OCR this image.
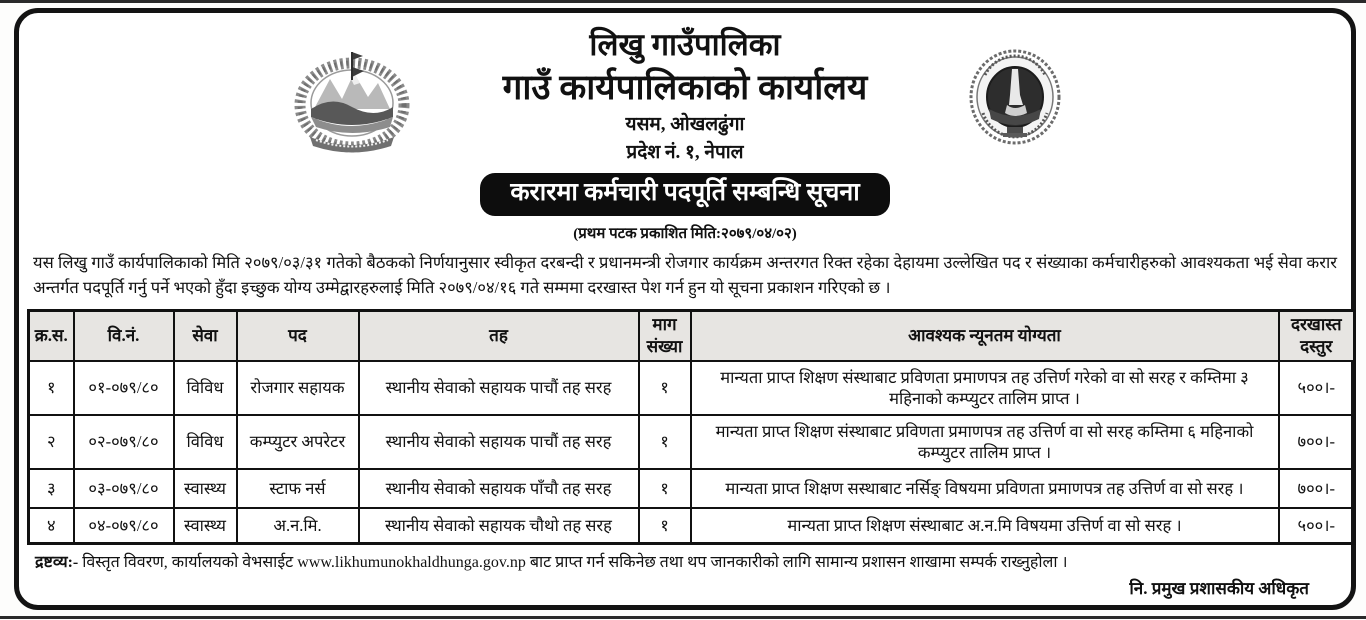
लिखु गाउँपालिका
गाउँ कार्यपालिकाको कार्यालय
यसम, ओखलढुंगा
प्रदेश नं. १, नेपाल
करारमा कर्मचारी पदपूर्ति सम्बन्धि सूचना
(प्रथम पटक प्रकाशित मिति:२०७९/०४/०२)
यस लिखु गाउँ कार्यपालिकाको मिति २०७९/०३/३१ गतेको बैठकको निर्णयानुसार स्वीकृत दरबन्दी र प्रधानमन्त्री रोजगार कार्यक्रम अन्तरगत रिक्त रहेका देहायमा उल्लेखित पद र संख्याका कर्मचारीहरुको आवश्यकता भई सेवा करार अन्तर्गत पदपूर्ति गर्नु पर्ने भएको हुँदा इच्छुक योग्य उम्मेद्वारहरुलाई मिति २०७९/०४/१६ गते सम्ममा दरखास्त पेश गर्न हुन यो सूचना प्रकाशन गरिएको छ ।
क्र.स.	वि.नं.	सेवा	पद	तह	माग संख्या	आवश्यक न्यूनतम योग्यता	दरखास्त दस्तुर
१	०१-०७९/८०	विविध	रोजगार सहायक	स्थानीय सेवाको सहायक पाचौं तह सरह	१	मान्यता प्राप्त शिक्षण संस्थाबाट प्रविणता प्रमाणपत्र तह उत्तिर्ण गरेको वा सो सरह र कम्तिमा ३ महिनाको कम्प्युटर तालिम प्राप्त ।	५००।-
२	०२-०७९/८०	विविध	कम्प्युटर अपरेटर	स्थानीय सेवाको सहायक पाचौं तह सरह	१	मान्यता प्राप्त शिक्षण संस्थाबाट प्रविणता प्रमाणपत्र तह उत्तिर्ण वा सो सरह कम्तिमा ६ महिनाको कम्प्युटर तालिम प्राप्त ।	७००।-
३	०३-०७९/८०	स्वास्थ्य	स्टाफ नर्स	स्थानीय सेवाको सहायक पाँचौ तह सरह	१	मान्यता प्राप्त शिक्षण सस्थाबाट नर्सिङ् विषयमा प्रविणता प्रमाणपत्र तह उत्तिर्ण वा सो सरह ।	७००।-
४	०४-०७९/८०	स्वास्थ्य	अ.न.मि.	स्थानीय सेवाको सहायक चौथो तह सरह	१	मान्यता प्राप्त शिक्षण संस्थाबाट अ.न.मि विषयमा उत्तिर्ण वा सो सरह ।	५००।-
द्रष्टव्य:- विस्तृत विवरण, कार्यालयको वेभसाईट www.likhumunokhaldhunga.gov.np बाट प्राप्त गर्न सकिनेछ तथा थप जानकारीको लागि सामान्य प्रशासन शाखामा सम्पर्क राख्नुहोला ।
नि. प्रमुख प्रशासकीय अधिकृत
